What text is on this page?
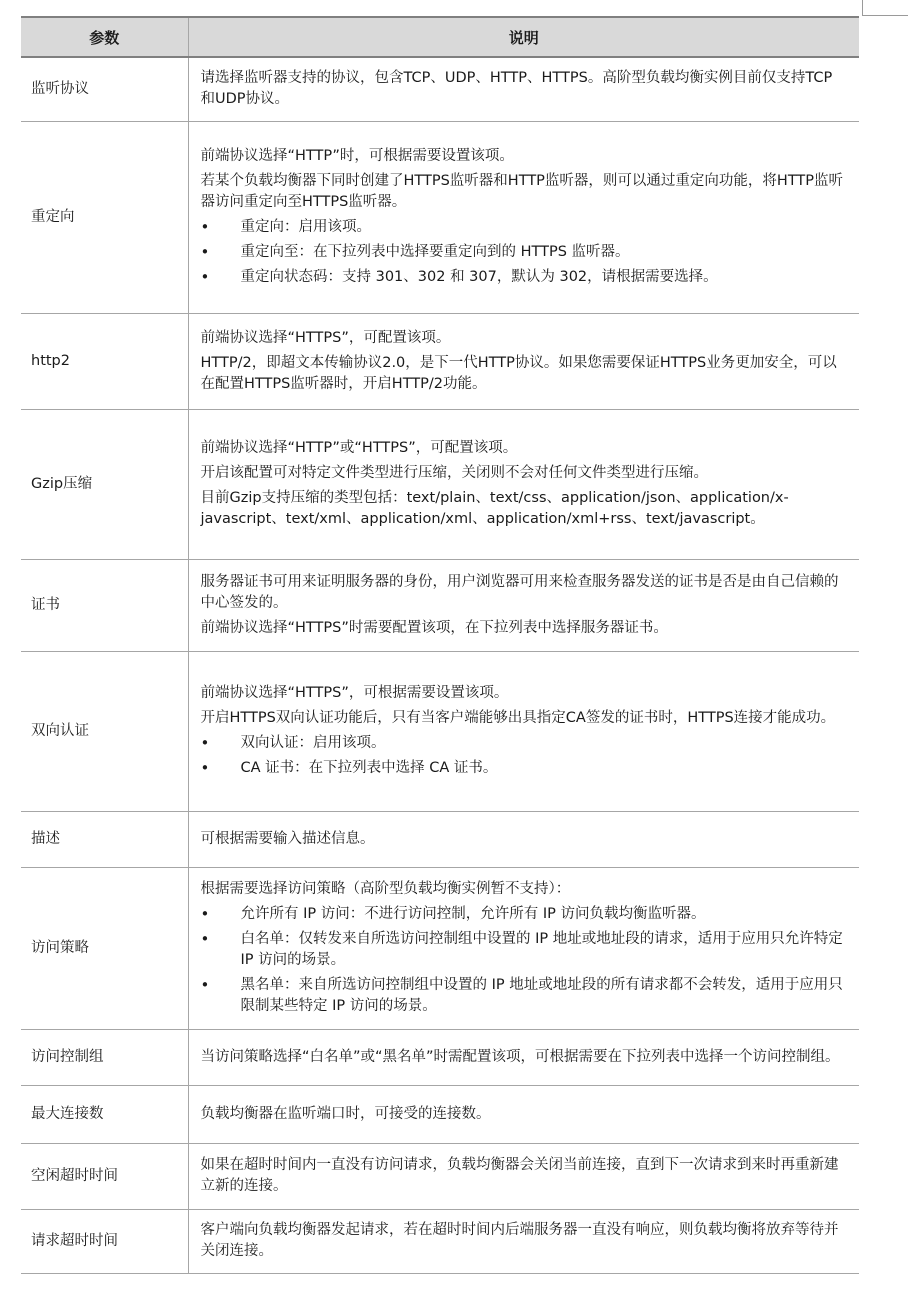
参数	说明
监听协议	请选择监听器支持的协议，包含TCP、UDP、HTTP、HTTPS。高阶型负载均衡实例目前仅支持TCP和UDP协议。

重定向	前端协议选择“HTTP”时，可根据需要设置该项。
若某个负载均衡器下同时创建了HTTPS监听器和HTTP监听器，则可以通过重定向功能，将HTTP监听器访问重定向至HTTPS监听器。
• 重定向：启用该项。
• 重定向至：在下拉列表中选择要重定向到的 HTTPS 监听器。
• 重定向状态码：支持 301、302 和 307，默认为 302，请根据需要选择。

http2	前端协议选择“HTTPS”，可配置该项。
HTTP/2，即超文本传输协议2.0，是下一代HTTP协议。如果您需要保证HTTPS业务更加安全，可以在配置HTTPS监听器时，开启HTTP/2功能。

Gzip压缩	前端协议选择“HTTP”或“HTTPS”，可配置该项。
开启该配置可对特定文件类型进行压缩，关闭则不会对任何文件类型进行压缩。
目前Gzip支持压缩的类型包括：text/plain、text/css、application/json、application/x-javascript、text/xml、application/xml、application/xml+rss、text/javascript。

证书	服务器证书可用来证明服务器的身份，用户浏览器可用来检查服务器发送的证书是否是由自己信赖的中心签发的。
前端协议选择“HTTPS”时需要配置该项，在下拉列表中选择服务器证书。

双向认证	前端协议选择“HTTPS”，可根据需要设置该项。
开启HTTPS双向认证功能后，只有当客户端能够出具指定CA签发的证书时，HTTPS连接才能成功。
• 双向认证：启用该项。
• CA 证书：在下拉列表中选择 CA 证书。

描述	可根据需要输入描述信息。

访问策略	根据需要选择访问策略（高阶型负载均衡实例暂不支持）：
• 允许所有 IP 访问：不进行访问控制，允许所有 IP 访问负载均衡监听器。
• 白名单：仅转发来自所选访问控制组中设置的 IP 地址或地址段的请求，适用于应用只允许特定 IP 访问的场景。
• 黑名单：来自所选访问控制组中设置的 IP 地址或地址段的所有请求都不会转发，适用于应用只限制某些特定 IP 访问的场景。

访问控制组	当访问策略选择“白名单”或“黑名单”时需配置该项，可根据需要在下拉列表中选择一个访问控制组。

最大连接数	负载均衡器在监听端口时，可接受的连接数。

空闲超时时间	如果在超时时间内一直没有访问请求，负载均衡器会关闭当前连接，直到下一次请求到来时再重新建立新的连接。

请求超时时间	客户端向负载均衡器发起请求，若在超时时间内后端服务器一直没有响应，则负载均衡将放弃等待并关闭连接。
